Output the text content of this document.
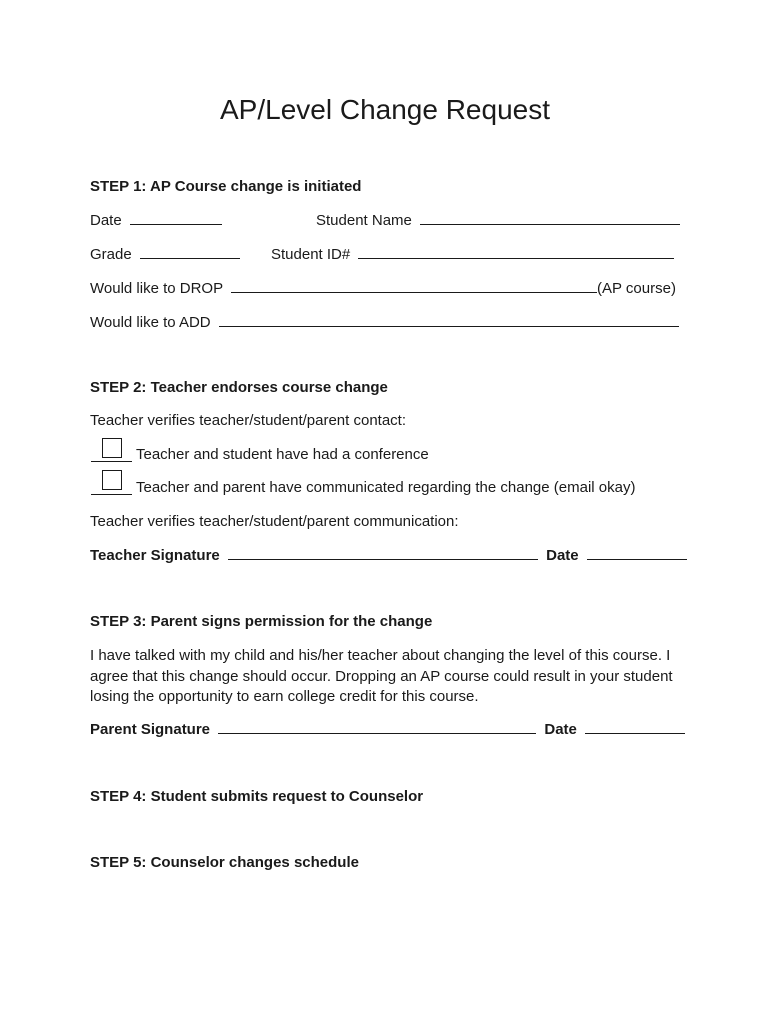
AP/Level Change Request
STEP 1: AP Course change is initiated
Date	Student Name
Grade	Student ID#
Would like to DROP	(AP course)
Would like to ADD
STEP 2: Teacher endorses course change
Teacher verifies teacher/student/parent contact:
Teacher and student have had a conference
Teacher and parent have communicated regarding the change (email okay)
Teacher verifies teacher/student/parent communication:
Teacher Signature	Date
STEP 3: Parent signs permission for the change
I have talked with my child and his/her teacher about changing the level of this course. I agree that this change should occur. Dropping an AP course could result in your student losing the opportunity to earn college credit for this course.
Parent Signature	Date
STEP 4: Student submits request to Counselor
STEP 5: Counselor changes schedule
